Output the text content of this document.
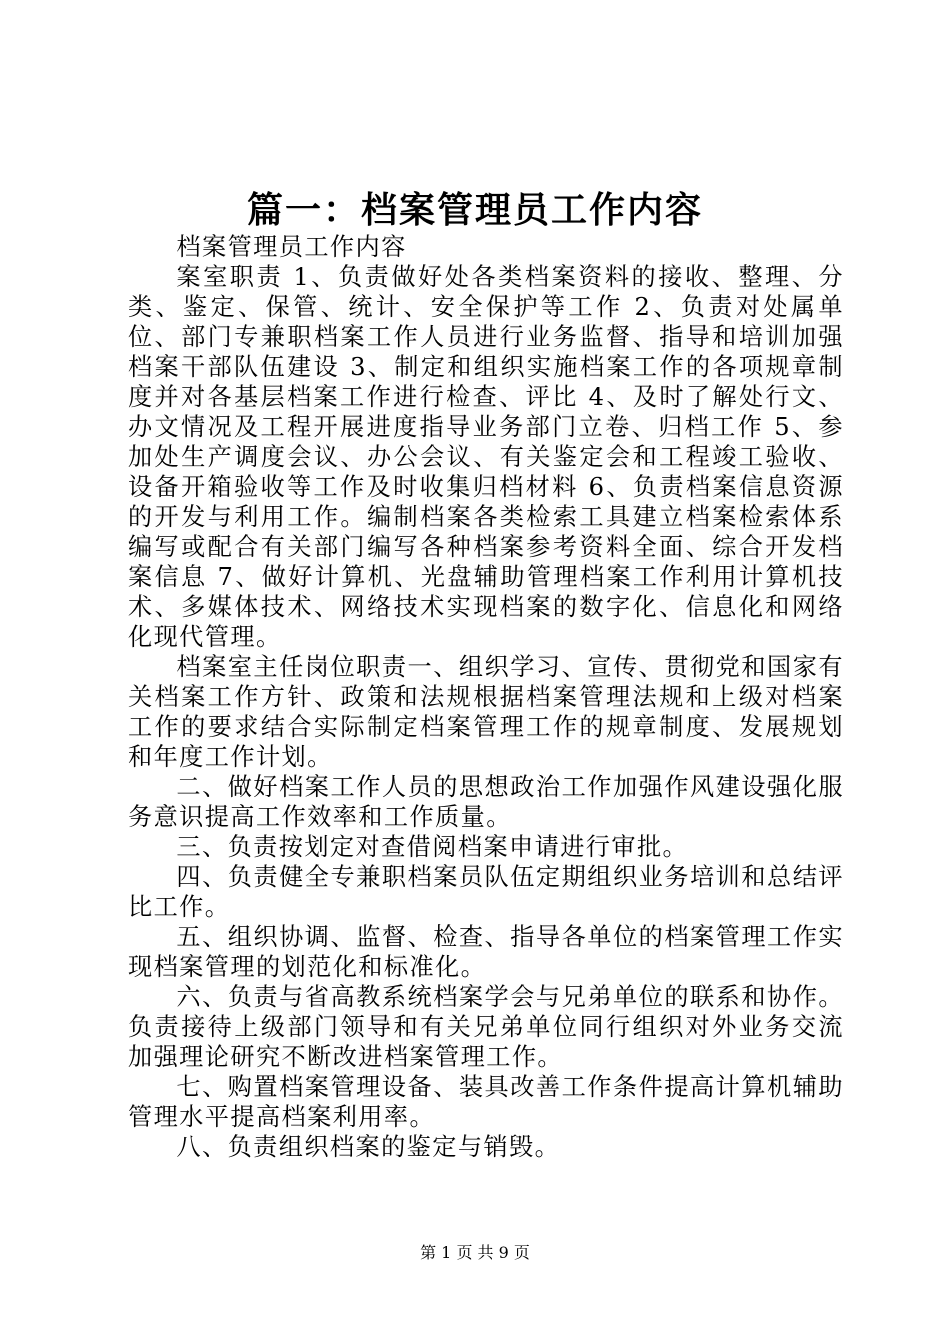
篇一：档案管理员工作内容

档案管理员工作内容

案室职责 1、负责做好处各类档案资料的接收、整理、分类、鉴定、保管、统计、安全保护等工作 2、负责对处属单位、部门专兼职档案工作人员进行业务监督、指导和培训加强档案干部队伍建设 3、制定和组织实施档案工作的各项规章制度并对各基层档案工作进行检查、评比 4、及时了解处行文、办文情况及工程开展进度指导业务部门立卷、归档工作 5、参加处生产调度会议、办公会议、有关鉴定会和工程竣工验收、设备开箱验收等工作及时收集归档材料 6、负责档案信息资源的开发与利用工作。编制档案各类检索工具建立档案检索体系编写或配合有关部门编写各种档案参考资料全面、综合开发档案信息 7、做好计算机、光盘辅助管理档案工作利用计算机技术、多媒体技术、网络技术实现档案的数字化、信息化和网络化现代管理。

档案室主任岗位职责一、组织学习、宣传、贯彻党和国家有关档案工作方针、政策和法规根据档案管理法规和上级对档案工作的要求结合实际制定档案管理工作的规章制度、发展规划和年度工作计划。

二、做好档案工作人员的思想政治工作加强作风建设强化服务意识提高工作效率和工作质量。

三、负责按划定对查借阅档案申请进行审批。

四、负责健全专兼职档案员队伍定期组织业务培训和总结评比工作。

五、组织协调、监督、检查、指导各单位的档案管理工作实现档案管理的划范化和标准化。

六、负责与省高教系统档案学会与兄弟单位的联系和协作。负责接待上级部门领导和有关兄弟单位同行组织对外业务交流加强理论研究不断改进档案管理工作。

七、购置档案管理设备、装具改善工作条件提高计算机辅助管理水平提高档案利用率。

八、负责组织档案的鉴定与销毁。

第 1 页 共 9 页
